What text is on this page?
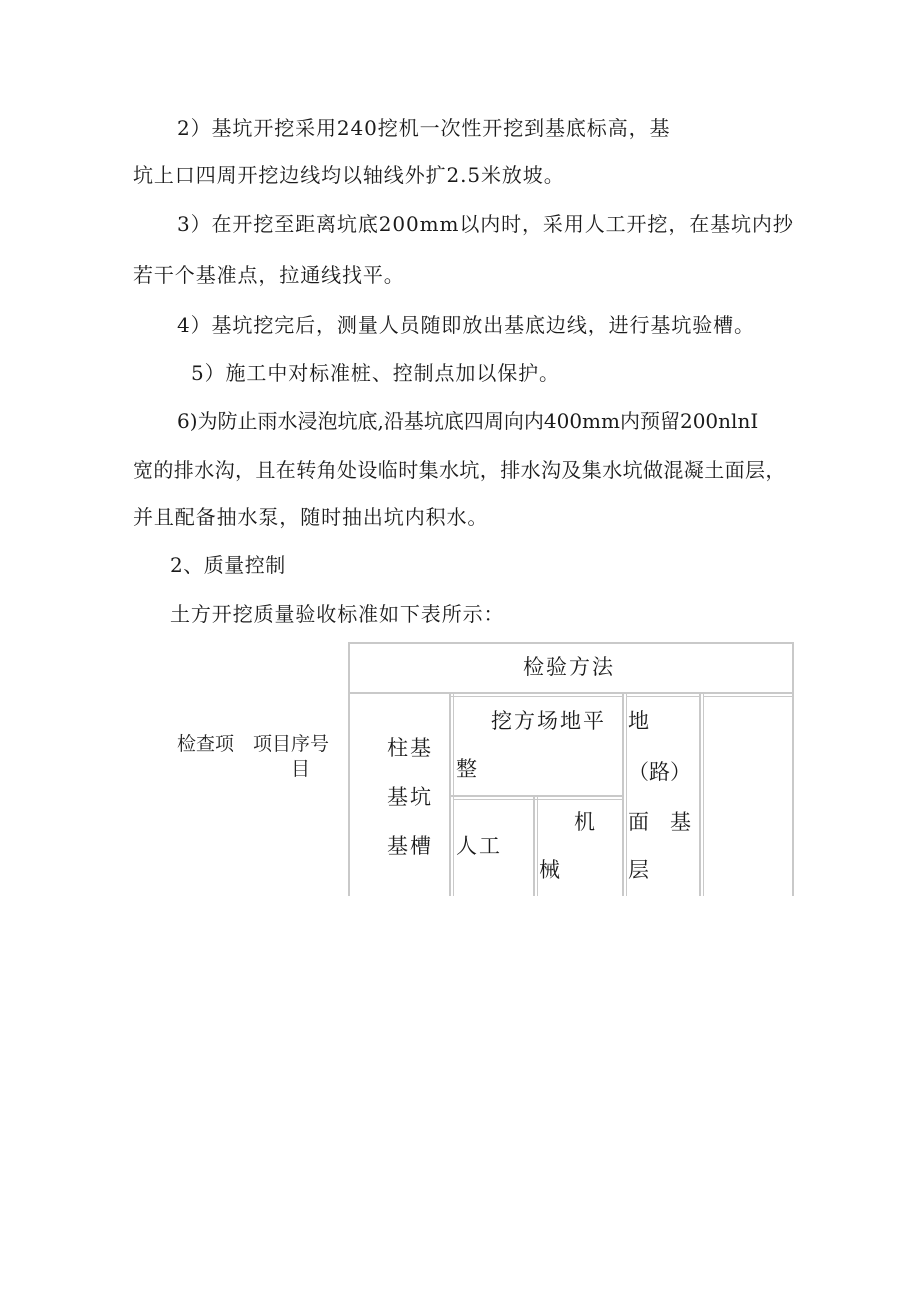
2）基坑开挖采用240挖机一次性开挖到基底标高，基
坑上口四周开挖边线均以轴线外扩2.5米放坡。
3）在开挖至距离坑底200mm以内时，采用人工开挖，在基坑内抄
若干个基准点，拉通线找平。
4）基坑挖完后，测量人员随即放出基底边线，进行基坑验槽。
5）施工中对标准桩、控制点加以保护。
6)为防止雨水浸泡坑底,沿基坑底四周向内400mm内预留200nlnI
宽的排水沟，且在转角处设临时集水坑，排水沟及集水坑做混凝土面层，
并且配备抽水泵，随时抽出坑内积水。
2、质量控制
土方开挖质量验收标准如下表所示：
检查项 项目序号
目
检验方法
柱基
基坑
基槽
挖方场地平
整
人工
机
械
地
（路）
面　基
层
